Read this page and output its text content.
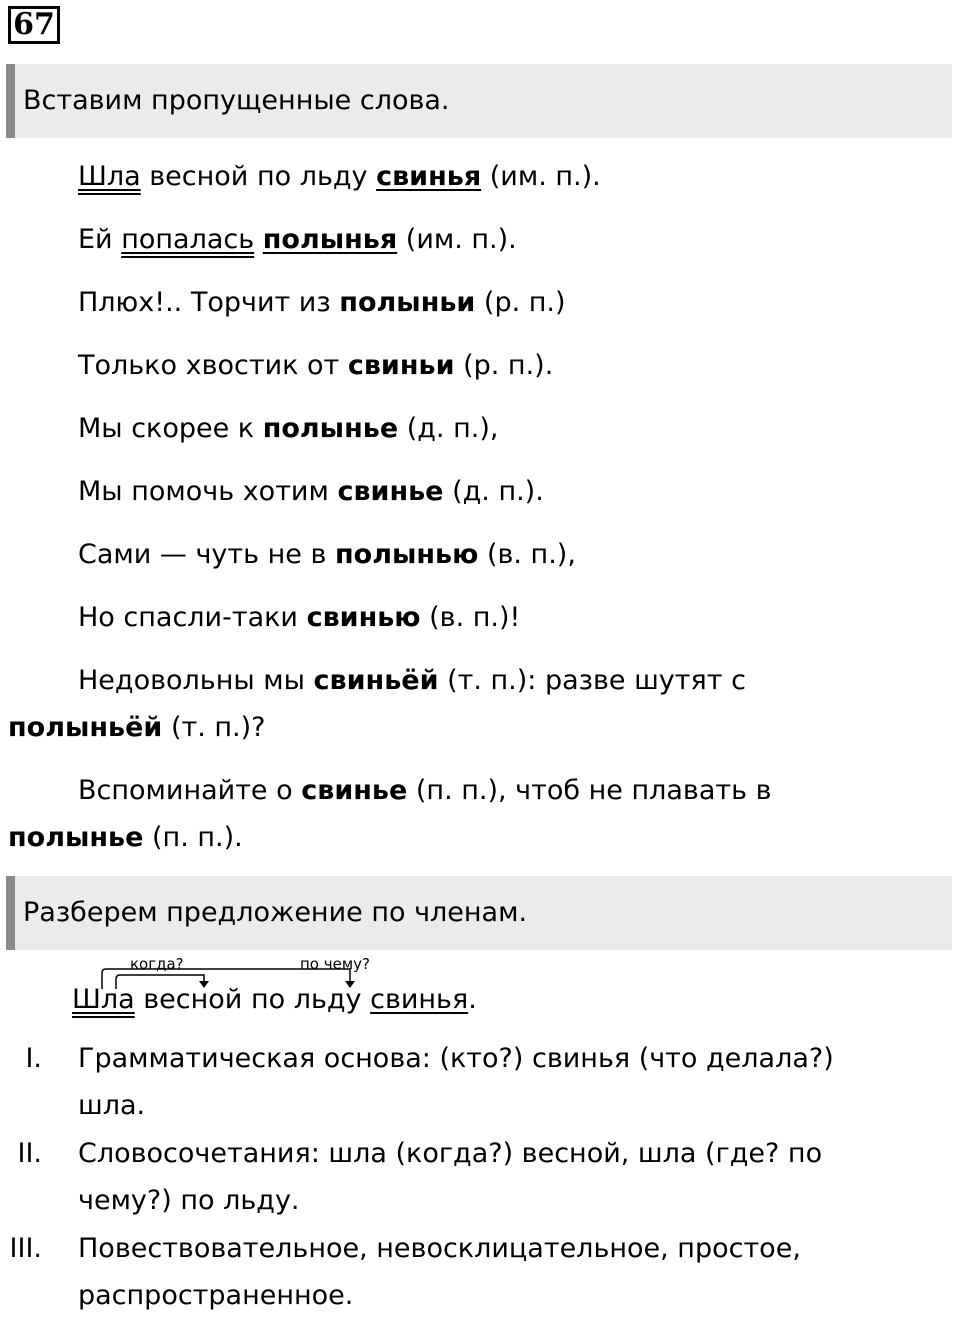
67
Вставим пропущенные слова.
Шла весной по льду свинья (им. п.).
Ей попалась полынья (им. п.).
Плюх!.. Торчит из полыньи (р. п.)
Только хвостик от свиньи (р. п.).
Мы скорее к полынье (д. п.),
Мы помочь хотим свинье (д. п.).
Сами — чуть не в полынью (в. п.),
Но спасли-таки свинью (в. п.)!
Недовольны мы свиньёй (т. п.): разве шутят с
полыньёй (т. п.)?
Вспоминайте о свинье (п. п.), чтоб не плавать в
полынье (п. п.).
Разберем предложение по членам.
когда?	по чему?
Шла весной по льду свинья.
I. Грамматическая основа: (кто?) свинья (что делала?)
шла.
II. Словосочетания: шла (когда?) весной, шла (где? по
чему?) по льду.
III. Повествовательное, невосклицательное, простое,
распространенное.
